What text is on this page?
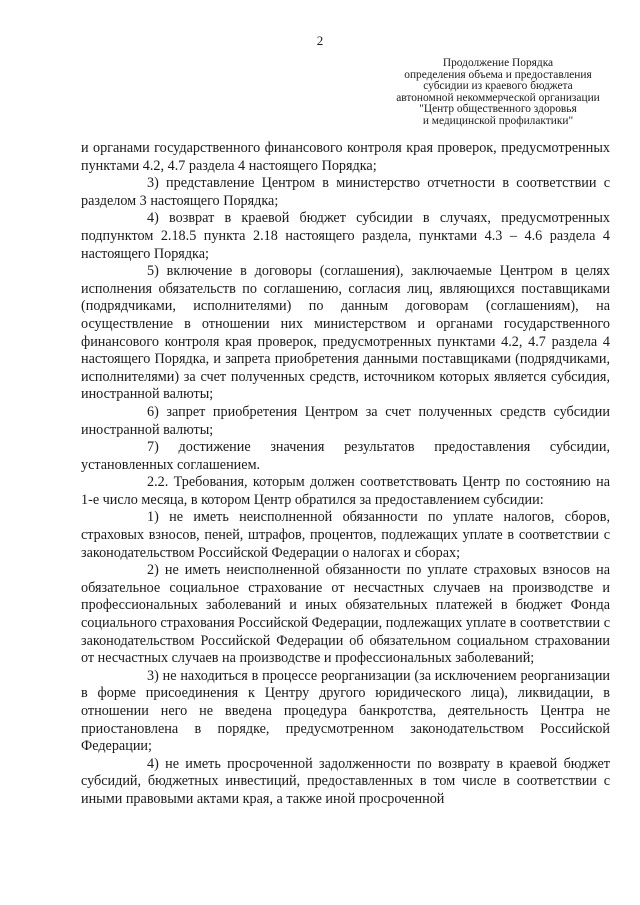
2
Продолжение Порядка
определения объема и предоставления
субсидии из краевого бюджета
автономной некоммерческой организации
"Центр общественного здоровья
и медицинской профилактики"

и органами государственного финансового контроля края проверок, предусмотренных пунктами 4.2, 4.7 раздела 4 настоящего Порядка;

3) представление Центром в министерство отчетности в соответствии с разделом 3 настоящего Порядка;

4) возврат в краевой бюджет субсидии в случаях, предусмотренных подпунктом 2.18.5 пункта 2.18 настоящего раздела, пунктами 4.3 – 4.6 раздела 4 настоящего Порядка;

5) включение в договоры (соглашения), заключаемые Центром в целях исполнения обязательств по соглашению, согласия лиц, являющихся поставщиками (подрядчиками, исполнителями) по данным договорам (соглашениям), на осуществление в отношении них министерством и органами государственного финансового контроля края проверок, предусмотренных пунктами 4.2, 4.7 раздела 4 настоящего Порядка, и запрета приобретения данными поставщиками (подрядчиками, исполнителями) за счет полученных средств, источником которых является субсидия, иностранной валюты;

6) запрет приобретения Центром за счет полученных средств субсидии иностранной валюты;

7) достижение значения результатов предоставления субсидии, установленных соглашением.

2.2. Требования, которым должен соответствовать Центр по состоянию на 1-е число месяца, в котором Центр обратился за предоставлением субсидии:

1) не иметь неисполненной обязанности по уплате налогов, сборов, страховых взносов, пеней, штрафов, процентов, подлежащих уплате в соответствии с законодательством Российской Федерации о налогах и сборах;

2) не иметь неисполненной обязанности по уплате страховых взносов на обязательное социальное страхование от несчастных случаев на производстве и профессиональных заболеваний и иных обязательных платежей в бюджет Фонда социального страхования Российской Федерации, подлежащих уплате в соответствии с законодательством Российской Федерации об обязательном социальном страховании от несчастных случаев на производстве и профессиональных заболеваний;

3) не находиться в процессе реорганизации (за исключением реорганизации в форме присоединения к Центру другого юридического лица), ликвидации, в отношении него не введена процедура банкротства, деятельность Центра не приостановлена в порядке, предусмотренном законодательством Российской Федерации;

4) не иметь просроченной задолженности по возврату в краевой бюджет субсидий, бюджетных инвестиций, предоставленных в том числе в соответствии с иными правовыми актами края, а также иной просроченной
